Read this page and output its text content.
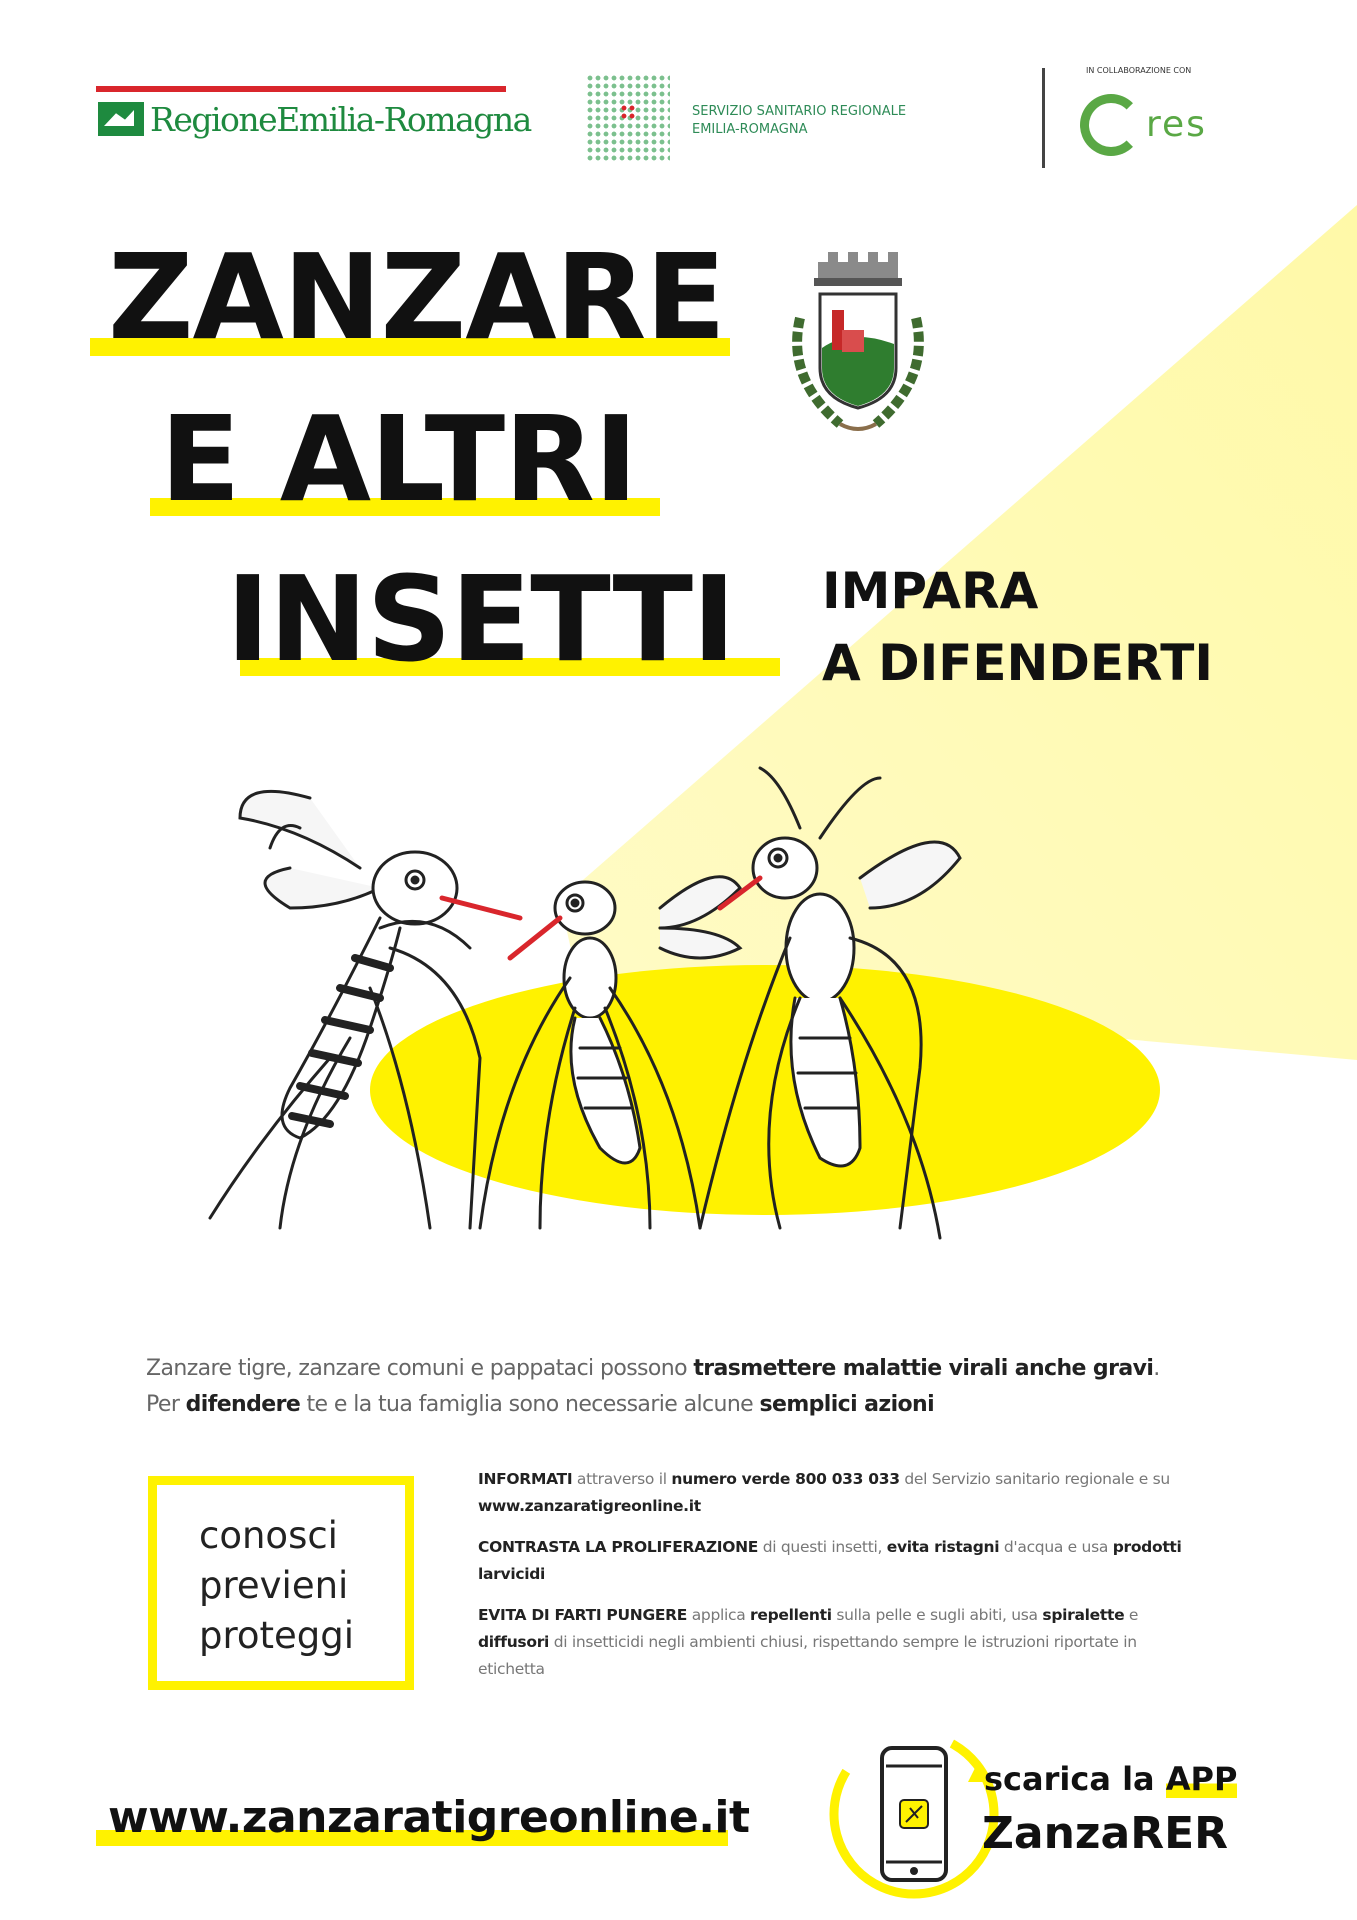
RegioneEmilia-Romagna	SERVIZIO SANITARIO REGIONALE
EMILIA-ROMAGNA
IN COLLABORAZIONE CON
res
ZANZARE
E ALTRI
INSETTI IMPARA
A DIFENDERTI
Zanzare tigre, zanzare comuni e pappataci possono trasmettere malattie virali anche gravi.
Per difendere te e la tua famiglia sono necessarie alcune semplici azioni
conosci
previeni
proteggi
INFORMATI attraverso il numero verde 800 033 033 del Servizio sanitario regionale e su www.zanzaratigreonline.it
CONTRASTA LA PROLIFERAZIONE di questi insetti, evita ristagni d'acqua e usa prodotti larvicidi
EVITA DI FARTI PUNGERE applica repellenti sulla pelle e sugli abiti, usa spiralette e diffusori di insetticidi negli ambienti chiusi, rispettando sempre le istruzioni riportate in etichetta
www.zanzaratigreonline.it
scarica la APP
ZanzaRER
